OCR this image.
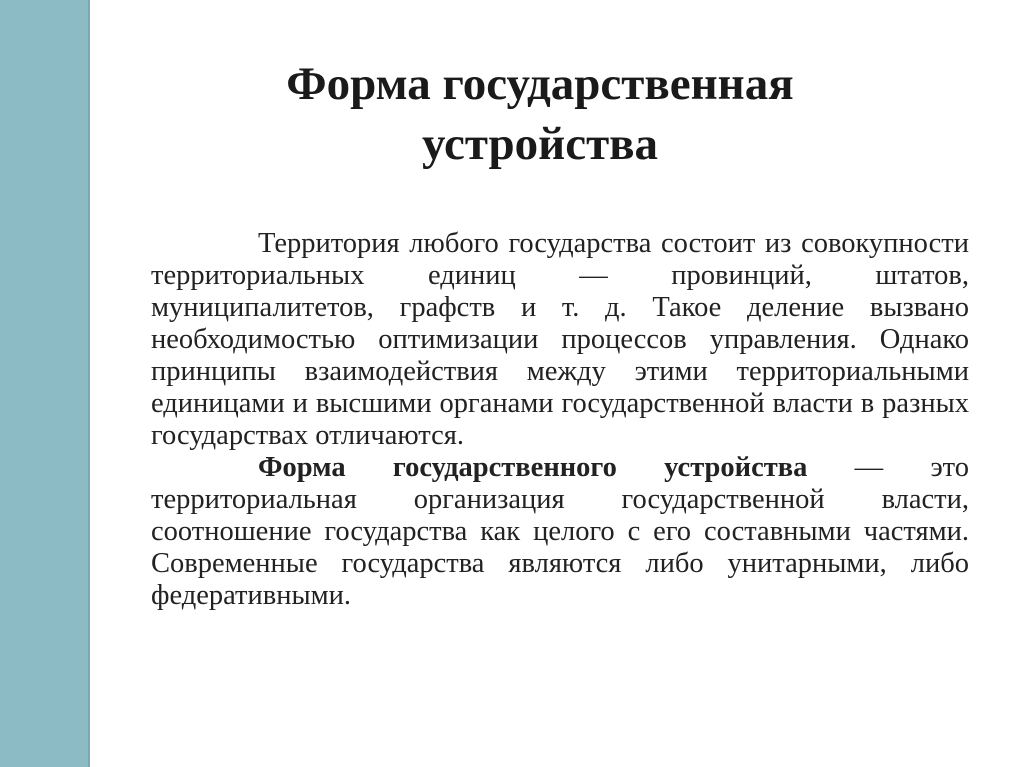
Форма государственная
устройства

Территория любого государства состоит из совокупности территориальных единиц — провинций, штатов, муниципалитетов, графств и т. д. Такое деление вызвано необходимостью оптимизации процессов управления. Однако принципы взаимодействия между этими территориальными единицами и высшими органами государственной власти в разных государствах отличаются.

Форма государственного устройства — это территориальная организация государственной власти, соотношение государства как целого с его составными частями. Современные государства являются либо унитарными, либо федеративными.
